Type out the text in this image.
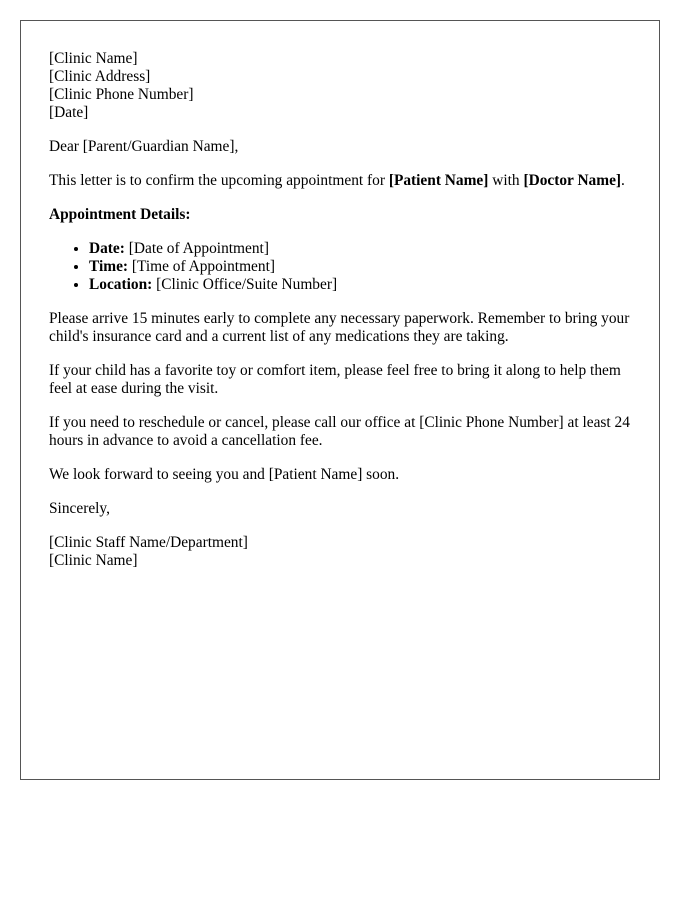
[Clinic Name]
[Clinic Address]
[Clinic Phone Number]
[Date]

Dear [Parent/Guardian Name],

This letter is to confirm the upcoming appointment for [Patient Name] with [Doctor Name].

Appointment Details:

• Date: [Date of Appointment]
• Time: [Time of Appointment]
• Location: [Clinic Office/Suite Number]

Please arrive 15 minutes early to complete any necessary paperwork. Remember to bring your child's insurance card and a current list of any medications they are taking.

If your child has a favorite toy or comfort item, please feel free to bring it along to help them feel at ease during the visit.

If you need to reschedule or cancel, please call our office at [Clinic Phone Number] at least 24 hours in advance to avoid a cancellation fee.

We look forward to seeing you and [Patient Name] soon.

Sincerely,

[Clinic Staff Name/Department]
[Clinic Name]
